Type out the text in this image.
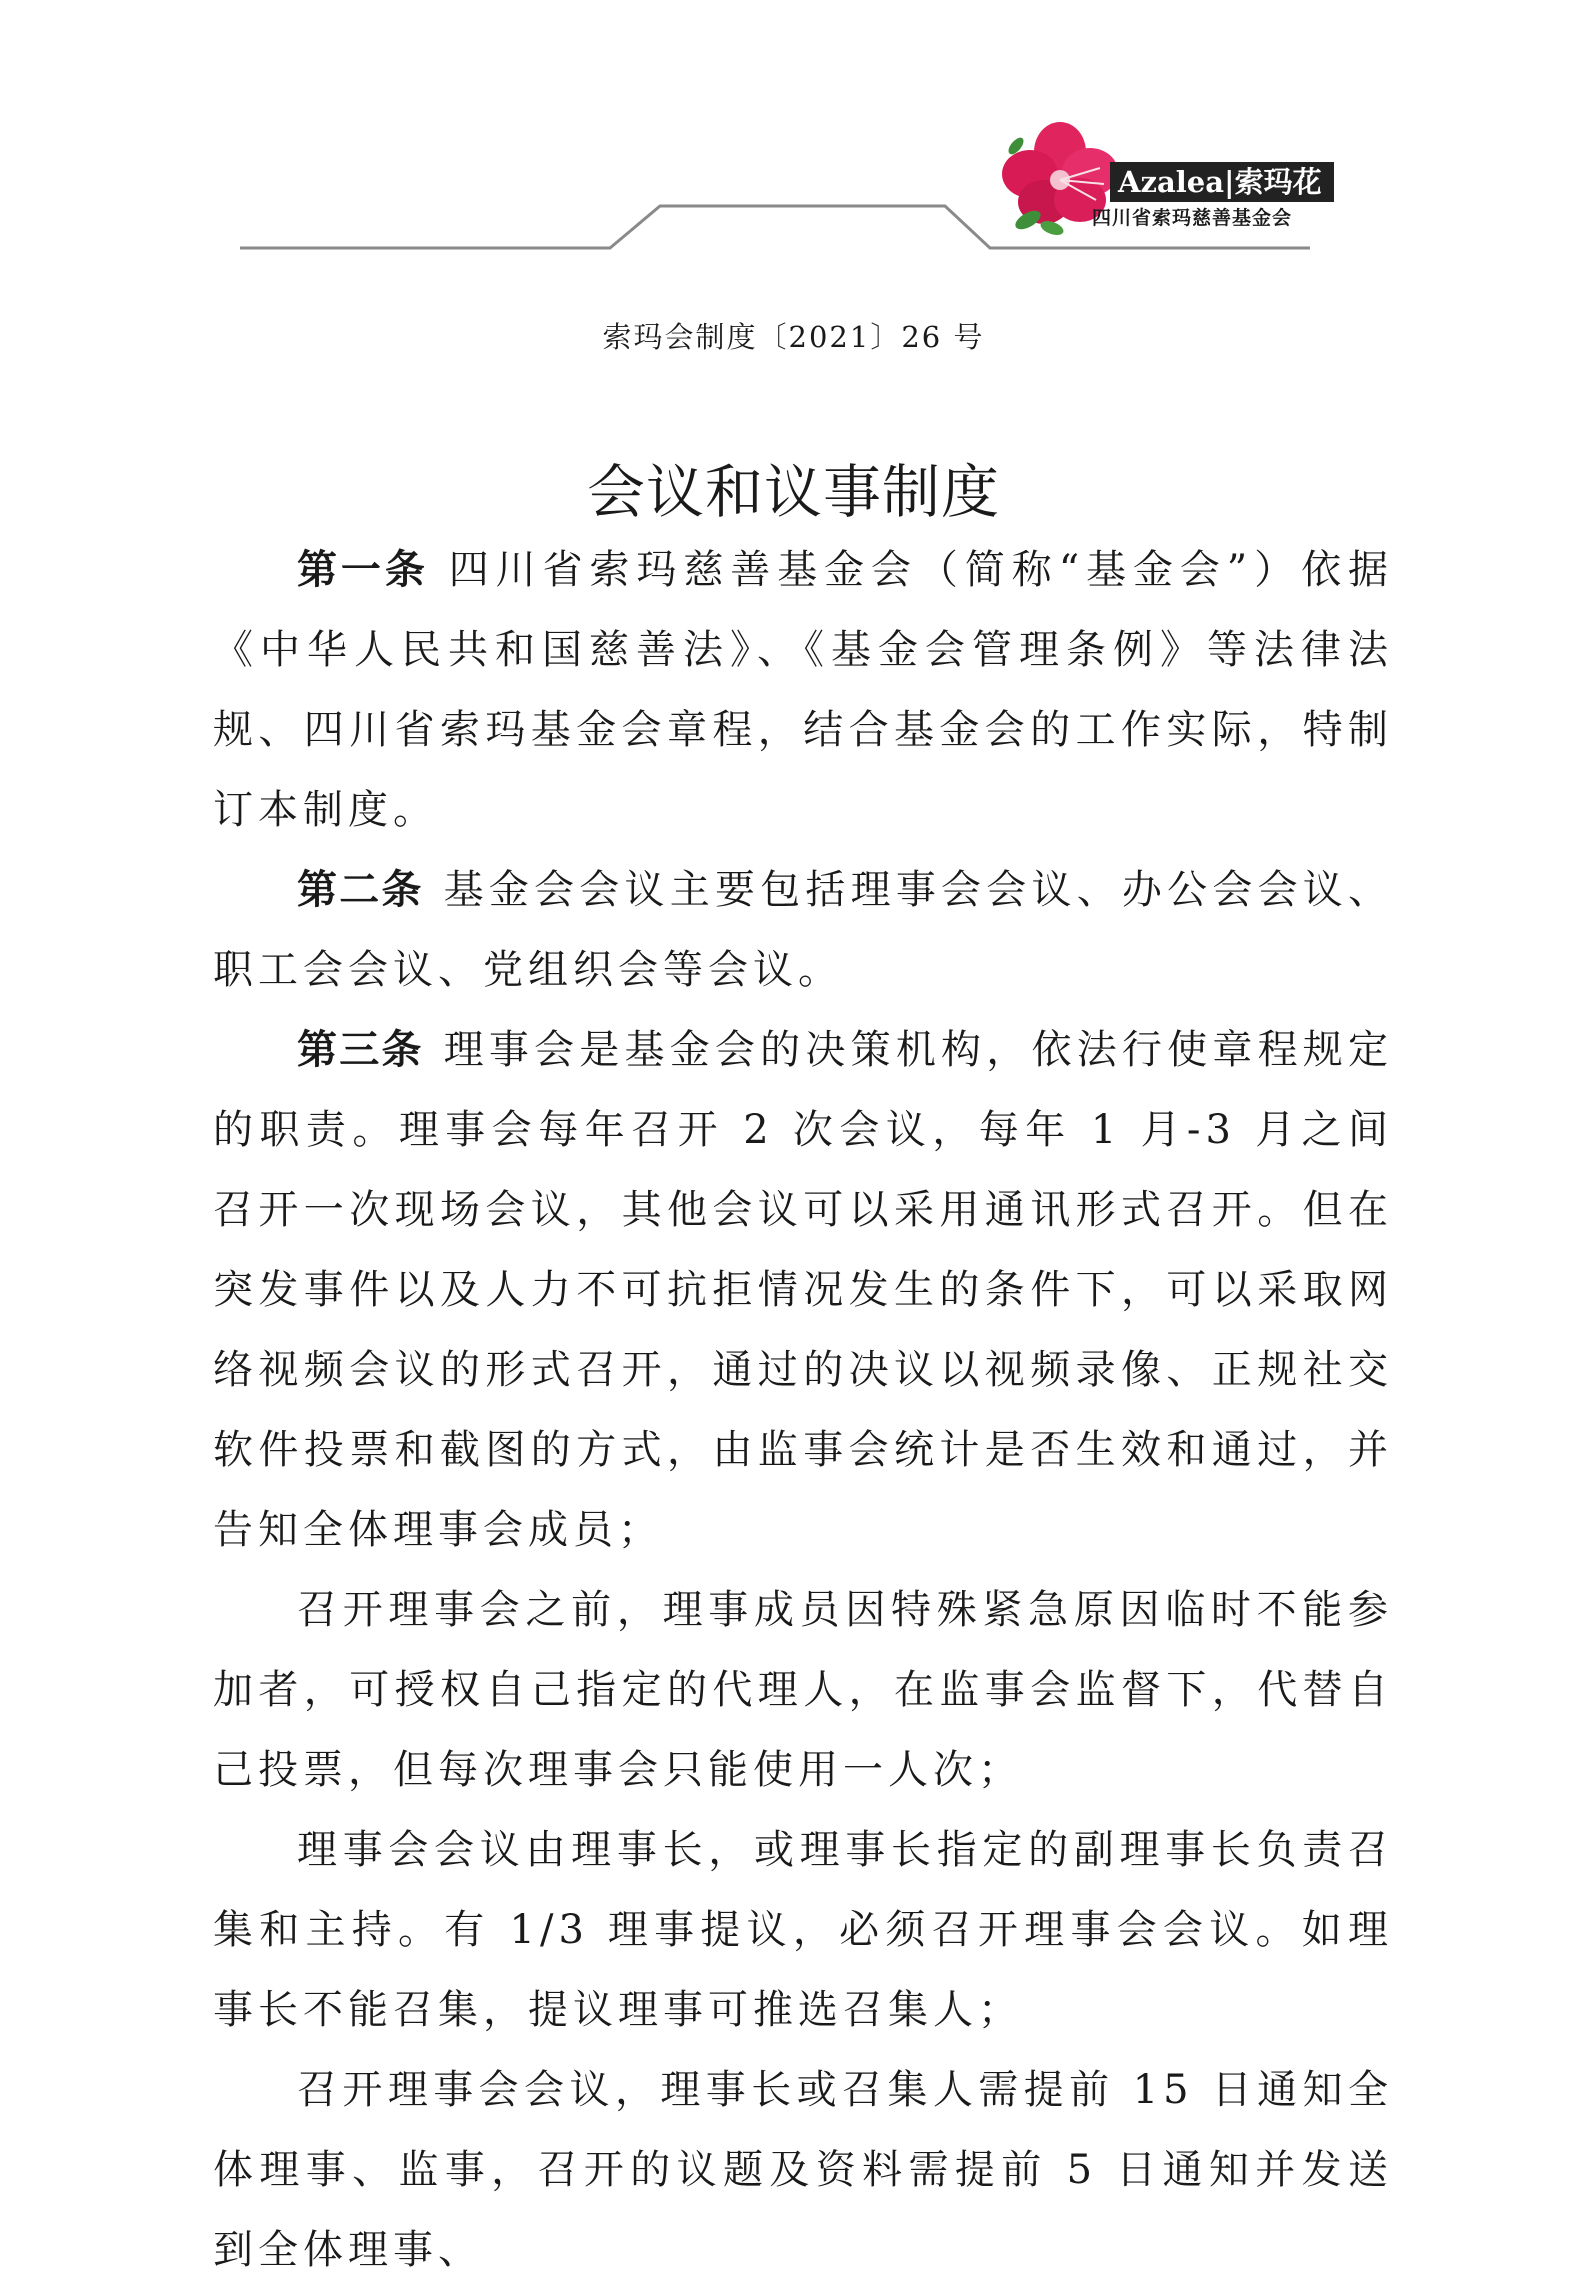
Azalea|索玛花
四川省索玛慈善基金会
索玛会制度〔2021〕26 号
会议和议事制度

第一条 四川省索玛慈善基金会（简称“基金会”）依据《中华人民共和国慈善法》、《基金会管理条例》等法律法规、四川省索玛基金会章程，结合基金会的工作实际，特制订本制度。

第二条 基金会会议主要包括理事会会议、办公会会议、职工会会议、党组织会等会议。

第三条 理事会是基金会的决策机构，依法行使章程规定的职责。理事会每年召开 2 次会议，每年 1 月-3 月之间召开一次现场会议，其他会议可以采用通讯形式召开。但在突发事件以及人力不可抗拒情况发生的条件下，可以采取网络视频会议的形式召开，通过的决议以视频录像、正规社交软件投票和截图的方式，由监事会统计是否生效和通过，并告知全体理事会成员；

召开理事会之前，理事成员因特殊紧急原因临时不能参加者，可授权自己指定的代理人，在监事会监督下，代替自己投票，但每次理事会只能使用一人次；

理事会会议由理事长，或理事长指定的副理事长负责召集和主持。有 1/3 理事提议，必须召开理事会会议。如理事长不能召集，提议理事可推选召集人；

召开理事会会议，理事长或召集人需提前 15 日通知全体理事、监事，召开的议题及资料需提前 5 日通知并发送到全体理事、
